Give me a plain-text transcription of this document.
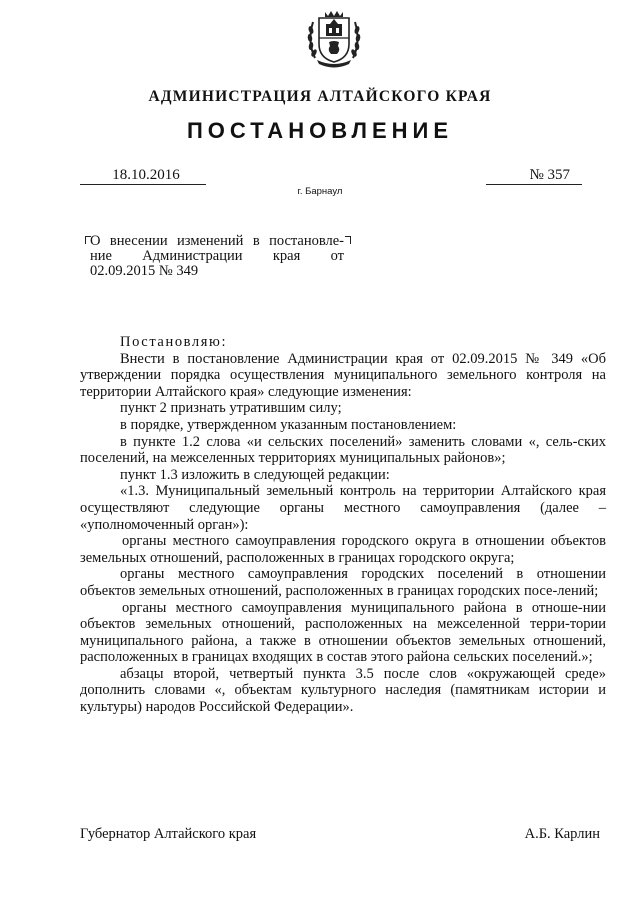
АДМИНИСТРАЦИЯ АЛТАЙСКОГО КРАЯ
ПОСТАНОВЛЕНИЕ
18.10.2016	№ 357
г. Барнаул
О внесении изменений в постановле-
ние Администрации края от
02.09.2015 № 349

Постановляю:

Внести в постановление Администрации края от 02.09.2015 № 349 «Об утверждении порядка осуществления муниципального земельного контроля на территории Алтайского края» следующие изменения:

пункт 2 признать утратившим силу;

в порядке, утвержденном указанным постановлением:

в пункте 1.2 слова «и сельских поселений» заменить словами «, сель-ских поселений, на межселенных территориях муниципальных районов»;

пункт 1.3 изложить в следующей редакции:

«1.3. Муниципальный земельный контроль на территории Алтайского края осуществляют следующие органы местного самоуправления (далее – «уполномоченный орган»):

органы местного самоуправления городского округа в отношении объектов земельных отношений, расположенных в границах городского округа;

органы местного самоуправления городских поселений в отношении объектов земельных отношений, расположенных в границах городских посе-лений;

органы местного самоуправления муниципального района в отноше-нии объектов земельных отношений, расположенных на межселенной терри-тории муниципального района, а также в отношении объектов земельных отношений, расположенных в границах входящих в состав этого района сельских поселений.»;

абзацы второй, четвертый пункта 3.5 после слов «окружающей среде» дополнить словами «, объектам культурного наследия (памятникам истории и культуры) народов Российской Федерации».

Губернатор Алтайского края	А.Б. Карлин
